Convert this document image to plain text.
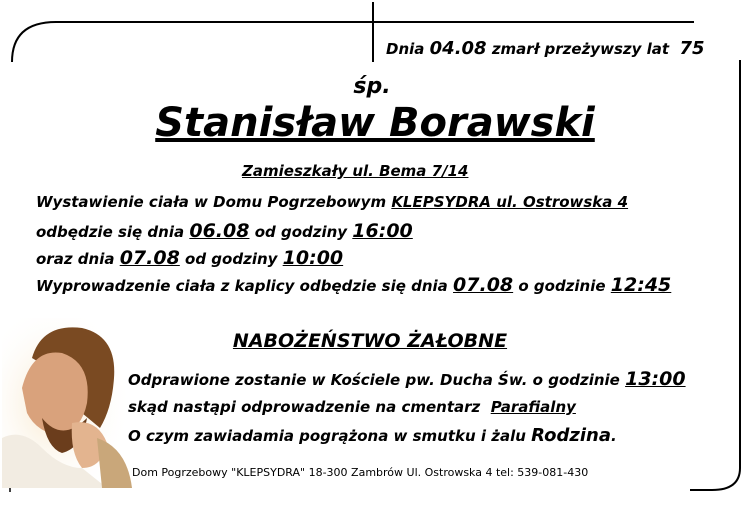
Dnia 04.08 zmarł przeżywszy lat 75
śp.
Stanisław Borawski
Zamieszkały ul. Bema 7/14
Wystawienie ciała w Domu Pogrzebowym KLEPSYDRA ul. Ostrowska 4
odbędzie się dnia 06.08 od godziny 16:00
oraz dnia 07.08 od godziny 10:00
Wyprowadzenie ciała z kaplicy odbędzie się dnia 07.08 o godzinie 12:45
NABOŻEŃSTWO ŻAŁOBNE
Odprawione zostanie w Kościele pw. Ducha Św. o godzinie 13:00
skąd nastąpi odprowadzenie na cmentarz Parafialny
O czym zawiadamia pogrążona w smutku i żalu Rodzina.
Dom Pogrzebowy "KLEPSYDRA" 18-300 Zambrów Ul. Ostrowska 4 tel: 539-081-430
